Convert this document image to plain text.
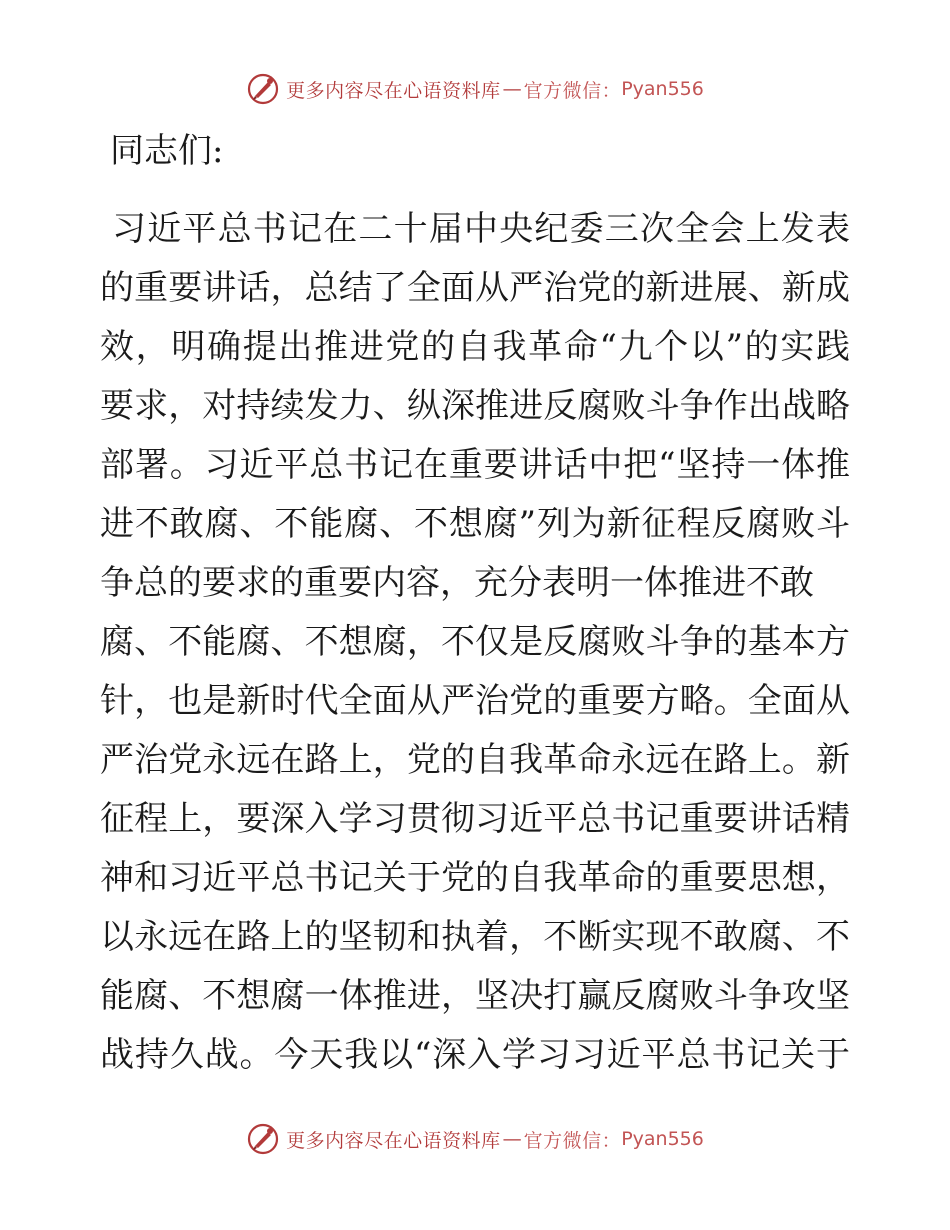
更多内容尽在心语资料库 — 官方微信： Pyan556

同志们:

习近平总书记在二十届中央纪委三次全会上发表
的重要讲话，总结了全面从严治党的新进展、新成
效，明确提出推进党的自我革命“九个以”的实践
要求，对持续发力、纵深推进反腐败斗争作出战略
部署。习近平总书记在重要讲话中把“坚持一体推
进不敢腐、不能腐、不想腐”列为新征程反腐败斗
争总的要求的重要内容，充分表明一体推进不敢
腐、不能腐、不想腐，不仅是反腐败斗争的基本方
针，也是新时代全面从严治党的重要方略。全面从
严治党永远在路上，党的自我革命永远在路上。新
征程上，要深入学习贯彻习近平总书记重要讲话精
神和习近平总书记关于党的自我革命的重要思想，
以永远在路上的坚韧和执着，不断实现不敢腐、不
能腐、不想腐一体推进，坚决打赢反腐败斗争攻坚
战持久战。今天我以“深入学习习近平总书记关于
更多内容尽在心语资料库 — 官方微信： Pyan556
